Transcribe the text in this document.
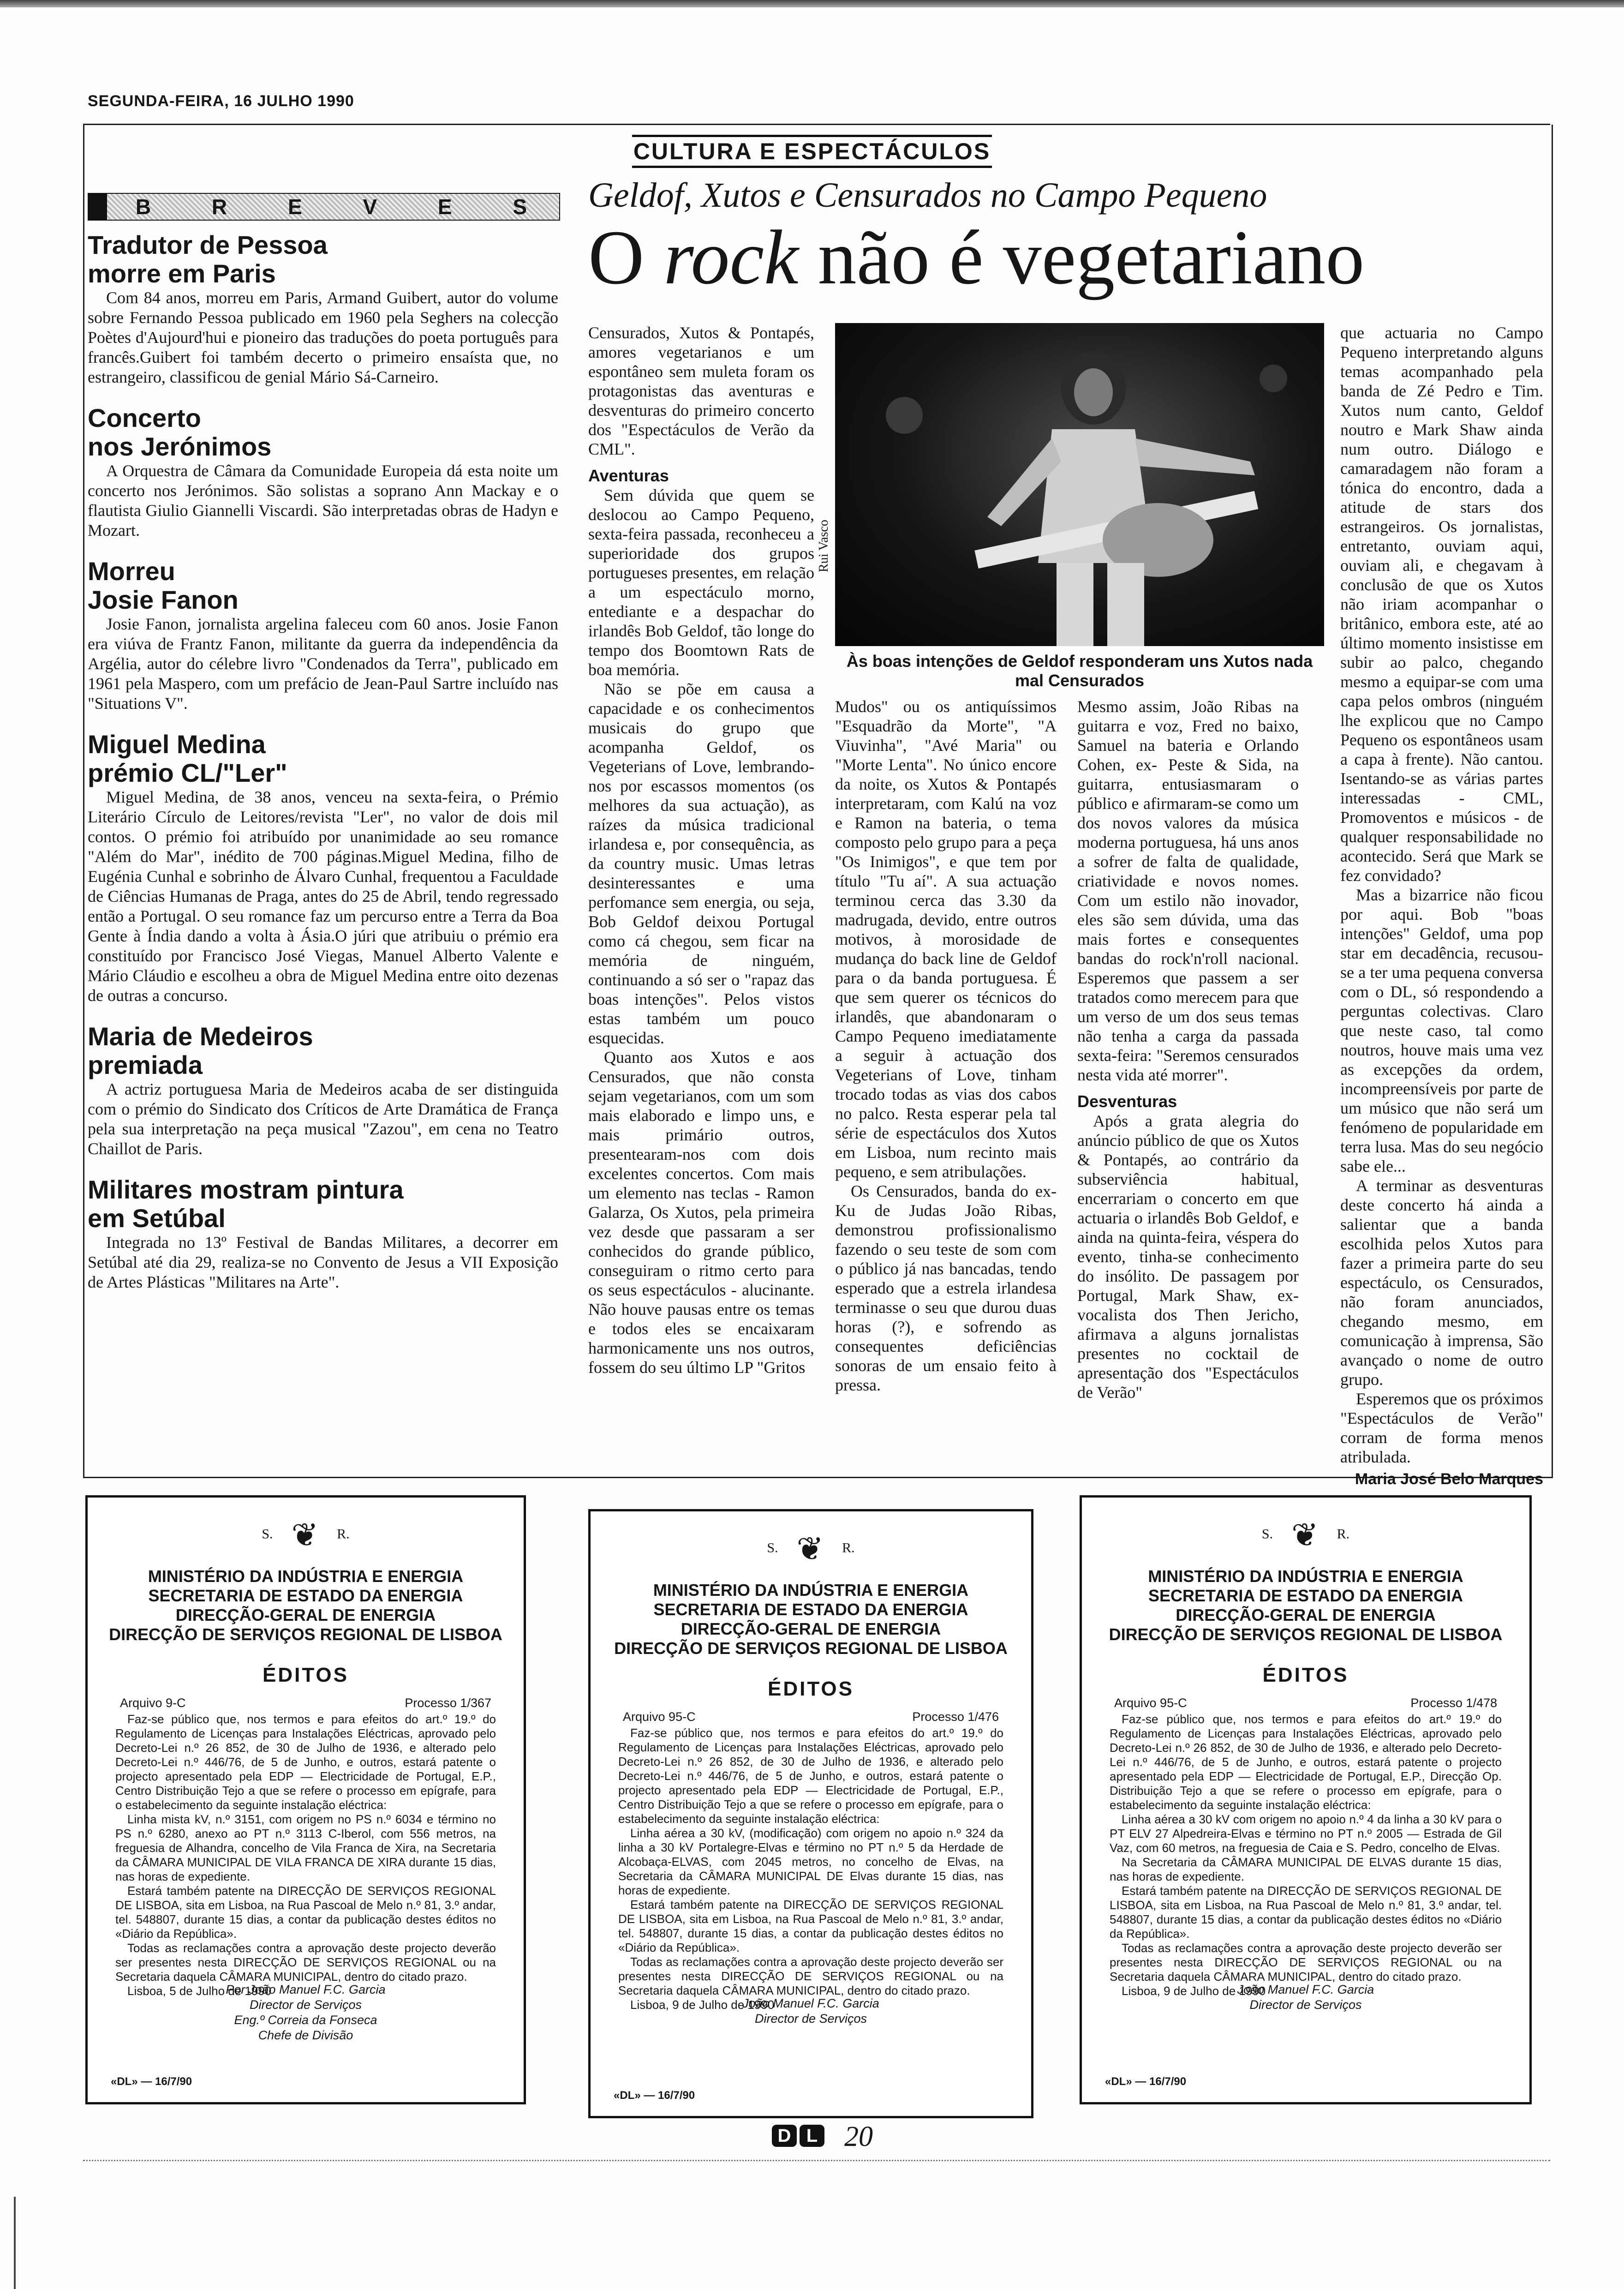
SEGUNDA-FEIRA, 16 JULHO 1990
CULTURA E ESPECTÁCULOS
B	R	E	V	E	S
Tradutor de Pessoa
morre em Paris
Com 84 anos, morreu em Paris, Armand Guibert, autor do volume sobre Fernando Pessoa publicado em 1960 pela Seghers na colecção Poètes d'Aujourd'hui e pioneiro das traduções do poeta português para francês.Guibert foi também decerto o primeiro ensaísta que, no estrangeiro, classificou de genial Mário Sá-Carneiro.
Concerto
nos Jerónimos
A Orquestra de Câmara da Comunidade Europeia dá esta noite um concerto nos Jerónimos. São solistas a soprano Ann Mackay e o flautista Giulio Giannelli Viscardi. São interpretadas obras de Hadyn e Mozart.
Morreu
Josie Fanon
Josie Fanon, jornalista argelina faleceu com 60 anos. Josie Fanon era viúva de Frantz Fanon, militante da guerra da independência da Argélia, autor do célebre livro "Condenados da Terra", publicado em 1961 pela Maspero, com um prefácio de Jean-Paul Sartre incluído nas "Situations V".
Miguel Medina
prémio CL/"Ler"
Miguel Medina, de 38 anos, venceu na sexta-feira, o Prémio Literário Círculo de Leitores/revista "Ler", no valor de dois mil contos. O prémio foi atribuído por unanimidade ao seu romance "Além do Mar", inédito de 700 páginas.Miguel Medina, filho de Eugénia Cunhal e sobrinho de Álvaro Cunhal, frequentou a Faculdade de Ciências Humanas de Praga, antes do 25 de Abril, tendo regressado então a Portugal. O seu romance faz um percurso entre a Terra da Boa Gente à Índia dando a volta à Ásia.O júri que atribuiu o prémio era constituído por Francisco José Viegas, Manuel Alberto Valente e Mário Cláudio e escolheu a obra de Miguel Medina entre oito dezenas de outras a concurso.
Maria de Medeiros
premiada
A actriz portuguesa Maria de Medeiros acaba de ser distinguida com o prémio do Sindicato dos Críticos de Arte Dramática de França pela sua interpretação na peça musical "Zazou", em cena no Teatro Chaillot de Paris.
Militares mostram pintura
em Setúbal
Integrada no 13º Festival de Bandas Militares, a decorrer em Setúbal até dia 29, realiza-se no Convento de Jesus a VII Exposição de Artes Plásticas "Militares na Arte".
Geldof, Xutos e Censurados no Campo Pequeno
O rock não é vegetariano

Censurados, Xutos & Pontapés, amores vegetarianos e um espontâneo sem muleta foram os protagonistas das aventuras e desventuras do primeiro concerto dos "Espectáculos de Verão da CML".

Aventuras

Sem dúvida que quem se deslocou ao Campo Pequeno, sexta-feira passada, reconheceu a superioridade dos grupos portugueses presentes, em relação a um espectáculo morno, entediante e a despachar do irlandês Bob Geldof, tão longe do tempo dos Boomtown Rats de boa memória.

Não se põe em causa a capacidade e os conhecimentos musicais do grupo que acompanha Geldof, os Vegeterians of Love, lembrando-nos por escassos momentos (os melhores da sua actuação), as raízes da música tradicional irlandesa e, por consequência, as da country music. Umas letras desinteressantes e uma perfomance sem energia, ou seja, Bob Geldof deixou Portugal como cá chegou, sem ficar na memória de ninguém, continuando a só ser o "rapaz das boas intenções". Pelos vistos estas também um pouco esquecidas.

Quanto aos Xutos e aos Censurados, que não consta sejam vegetarianos, com um som mais elaborado e limpo uns, e mais primário outros, presentearam-nos com dois excelentes concertos. Com mais um elemento nas teclas - Ramon Galarza, Os Xutos, pela primeira vez desde que passaram a ser conhecidos do grande público, conseguiram o ritmo certo para os seus espectáculos - alucinante. Não houve pausas entre os temas e todos eles se encaixaram harmonicamente uns nos outros, fossem do seu último LP "Gritos

Rui Vasco
Às boas intenções de Geldof responderam uns Xutos nada mal Censurados

Mudos" ou os antiquíssimos "Esquadrão da Morte", "A Viuvinha", "Avé Maria" ou "Morte Lenta". No único encore da noite, os Xutos & Pontapés interpretaram, com Kalú na voz e Ramon na bateria, o tema composto pelo grupo para a peça "Os Inimigos", e que tem por título "Tu aí". A sua actuação terminou cerca das 3.30 da madrugada, devido, entre outros motivos, à morosidade de mudança do back line de Geldof para o da banda portuguesa. É que sem querer os técnicos do irlandês, que abandonaram o Campo Pequeno imediatamente a seguir à actuação dos Vegeterians of Love, tinham trocado todas as vias dos cabos no palco. Resta esperar pela tal série de espectáculos dos Xutos em Lisboa, num recinto mais pequeno, e sem atribulações.

Os Censurados, banda do ex-Ku de Judas João Ribas, demonstrou profissionalismo fazendo o seu teste de som com o público já nas bancadas, tendo esperado que a estrela irlandesa terminasse o seu que durou duas horas (?), e sofrendo as consequentes deficiências sonoras de um ensaio feito à pressa.

Mesmo assim, João Ribas na guitarra e voz, Fred no baixo, Samuel na bateria e Orlando Cohen, ex- Peste & Sida, na guitarra, entusiasmaram o público e afirmaram-se como um dos novos valores da música moderna portuguesa, há uns anos a sofrer de falta de qualidade, criatividade e novos nomes. Com um estilo não inovador, eles são sem dúvida, uma das mais fortes e consequentes bandas do rock'n'roll nacional. Esperemos que passem a ser tratados como merecem para que um verso de um dos seus temas não tenha a carga da passada sexta-feira: "Seremos censurados nesta vida até morrer".

Desventuras

Após a grata alegria do anúncio público de que os Xutos & Pontapés, ao contrário da subserviência habitual, encerrariam o concerto em que actuaria o irlandês Bob Geldof, e ainda na quinta-feira, véspera do evento, tinha-se conhecimento do insólito. De passagem por Portugal, Mark Shaw, ex-vocalista dos Then Jericho, afirmava a alguns jornalistas presentes no cocktail de apresentação dos "Espectáculos de Verão"

que actuaria no Campo Pequeno interpretando alguns temas acompanhado pela banda de Zé Pedro e Tim. Xutos num canto, Geldof noutro e Mark Shaw ainda num outro. Diálogo e camaradagem não foram a tónica do encontro, dada a atitude de stars dos estrangeiros. Os jornalistas, entretanto, ouviam aqui, ouviam ali, e chegavam à conclusão de que os Xutos não iriam acompanhar o britânico, embora este, até ao último momento insistisse em subir ao palco, chegando mesmo a equipar-se com uma capa pelos ombros (ninguém lhe explicou que no Campo Pequeno os espontâneos usam a capa à frente). Não cantou. Isentando-se as várias partes interessadas - CML, Promoventos e músicos - de qualquer responsabilidade no acontecido. Será que Mark se fez convidado?

Mas a bizarrice não ficou por aqui. Bob "boas intenções" Geldof, uma pop star em decadência, recusou-se a ter uma pequena conversa com o DL, só respondendo a perguntas colectivas. Claro que neste caso, tal como noutros, houve mais uma vez as excepções da ordem, incompreensíveis por parte de um músico que não será um fenómeno de popularidade em terra lusa. Mas do seu negócio sabe ele...

A terminar as desventuras deste concerto há ainda a salientar que a banda escolhida pelos Xutos para fazer a primeira parte do seu espectáculo, os Censurados, não foram anunciados, chegando mesmo, em comunicação à imprensa, São avançado o nome de outro grupo.

Esperemos que os próximos "Espectáculos de Verão" corram de forma menos atribulada.

Maria José Belo Marques
S. ❦ R.
MINISTÉRIO DA INDÚSTRIA E ENERGIA
SECRETARIA DE ESTADO DA ENERGIA
DIRECÇÃO-GERAL DE ENERGIA
DIRECÇÃO DE SERVIÇOS REGIONAL DE LISBOA
ÉDITOS
Arquivo 9-C	Processo 1/367

Faz-se público que, nos termos e para efeitos do art.º 19.º do Regulamento de Licenças para Instalações Eléctricas, aprovado pelo Decreto-Lei n.º 26 852, de 30 de Julho de 1936, e alterado pelo Decreto-Lei n.º 446/76, de 5 de Junho, e outros, estará patente o projecto apresentado pela EDP — Electricidade de Portugal, E.P., Centro Distribuição Tejo a que se refere o processo em epígrafe, para o estabelecimento da seguinte instalação eléctrica:

Linha mista kV, n.º 3151, com origem no PS n.º 6034 e término no PS n.º 6280, anexo ao PT n.º 3113 C-Iberol, com 556 metros, na freguesia de Alhandra, concelho de Vila Franca de Xira, na Secretaria da CÂMARA MUNICIPAL DE VILA FRANCA DE XIRA durante 15 dias, nas horas de expediente.

Estará também patente na DIRECÇÃO DE SERVIÇOS REGIONAL DE LISBOA, sita em Lisboa, na Rua Pascoal de Melo n.º 81, 3.º andar, tel. 548807, durante 15 dias, a contar da publicação destes éditos no «Diário da República».

Todas as reclamações contra a aprovação deste projecto deverão ser presentes nesta DIRECÇÃO DE SERVIÇOS REGIONAL ou na Secretaria daquela CÂMARA MUNICIPAL, dentro do citado prazo.

Lisboa, 5 de Julho de 1990

Por João Manuel F.C. Garcia
Director de Serviços
Eng.º Correia da Fonseca
Chefe de Divisão
«DL» — 16/7/90
S. ❦ R.
MINISTÉRIO DA INDÚSTRIA E ENERGIA
SECRETARIA DE ESTADO DA ENERGIA
DIRECÇÃO-GERAL DE ENERGIA
DIRECÇÃO DE SERVIÇOS REGIONAL DE LISBOA
ÉDITOS
Arquivo 95-C	Processo 1/476

Faz-se público que, nos termos e para efeitos do art.º 19.º do Regulamento de Licenças para Instalações Eléctricas, aprovado pelo Decreto-Lei n.º 26 852, de 30 de Julho de 1936, e alterado pelo Decreto-Lei n.º 446/76, de 5 de Junho, e outros, estará patente o projecto apresentado pela EDP — Electricidade de Portugal, E.P., Centro Distribuição Tejo a que se refere o processo em epígrafe, para o estabelecimento da seguinte instalação eléctrica:

Linha aérea a 30 kV, (modificação) com origem no apoio n.º 324 da linha a 30 kV Portalegre-Elvas e término no PT n.º 5 da Herdade de Alcobaça-ELVAS, com 2045 metros, no concelho de Elvas, na Secretaria da CÂMARA MUNICIPAL DE Elvas durante 15 dias, nas horas de expediente.

Estará também patente na DIRECÇÃO DE SERVIÇOS REGIONAL DE LISBOA, sita em Lisboa, na Rua Pascoal de Melo n.º 81, 3.º andar, tel. 548807, durante 15 dias, a contar da publicação destes éditos no «Diário da República».

Todas as reclamações contra a aprovação deste projecto deverão ser presentes nesta DIRECÇÃO DE SERVIÇOS REGIONAL ou na Secretaria daquela CÂMARA MUNICIPAL, dentro do citado prazo.

Lisboa, 9 de Julho de 1990

João Manuel F.C. Garcia
Director de Serviços
«DL» — 16/7/90
S. ❦ R.
MINISTÉRIO DA INDÚSTRIA E ENERGIA
SECRETARIA DE ESTADO DA ENERGIA
DIRECÇÃO-GERAL DE ENERGIA
DIRECÇÃO DE SERVIÇOS REGIONAL DE LISBOA
ÉDITOS
Arquivo 95-C	Processo 1/478

Faz-se público que, nos termos e para efeitos do art.º 19.º do Regulamento de Licenças para Instalações Eléctricas, aprovado pelo Decreto-Lei n.º 26 852, de 30 de Julho de 1936, e alterado pelo Decreto-Lei n.º 446/76, de 5 de Junho, e outros, estará patente o projecto apresentado pela EDP — Electricidade de Portugal, E.P., Direcção Op. Distribuição Tejo a que se refere o processo em epígrafe, para o estabelecimento da seguinte instalação eléctrica:

Linha aérea a 30 kV com origem no apoio n.º 4 da linha a 30 kV para o PT ELV 27 Alpedreira-Elvas e término no PT n.º 2005 — Estrada de Gil Vaz, com 60 metros, na freguesia de Caia e S. Pedro, concelho de Elvas.

Na Secretaria da CÂMARA MUNICIPAL DE ELVAS durante 15 dias, nas horas de expediente.

Estará também patente na DIRECÇÃO DE SERVIÇOS REGIONAL DE LISBOA, sita em Lisboa, na Rua Pascoal de Melo n.º 81, 3.º andar, tel. 548807, durante 15 dias, a contar da publicação destes éditos no «Diário da República».

Todas as reclamações contra a aprovação deste projecto deverão ser presentes nesta DIRECÇÃO DE SERVIÇOS REGIONAL ou na Secretaria daquela CÂMARA MUNICIPAL, dentro do citado prazo.

Lisboa, 9 de Julho de 1990

João Manuel F.C. Garcia
Director de Serviços
«DL» — 16/7/90
D L 20
